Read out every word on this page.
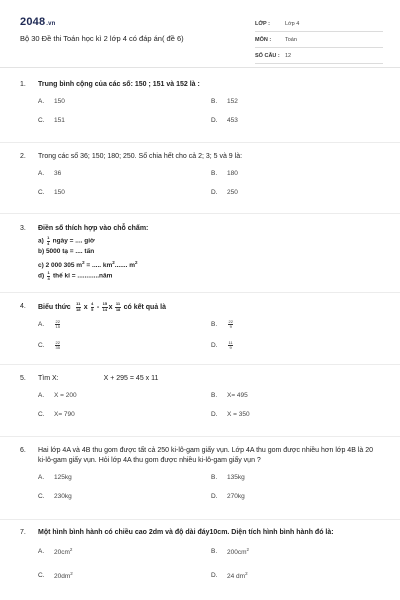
2048.vn
Bộ 30 Đề thi Toán học kì 2 lớp 4 có đáp án( đề 6)
LỚP :	Lớp 4
MÔN :	Toán
SỐ CÂU : 12
1.	Trung bình cộng của các số: 150 ; 151 và 152 là :
A.	150	B.	152
C.	151	D.	453
2.	Trong các số 36; 150; 180; 250. Số chia hết cho cả 2; 3; 5 và 9 là:
A.	36	B.	180
C.	150	D.	250
3.	Điền số thích hợp vào chỗ chấm:
$a) \frac{1}{4}$ ngày = .... giờ
b) 5000 tạ = .... tấn
c) 2 000 305 $m^2$ = ..... $km^2$....... $m^2$
$d) \frac{1}{4}$ thế kỉ = ............năm
4.	Biểu thức $\frac{11}{18}$ x $\frac{4}{5} - \frac{15}{14}$ x $\frac{11}{18}$ có kết quả là
A.	$\frac{22}{15}$	B.	$\frac{22}{9}$
C.	$\frac{22}{35}$	D.	$\frac{11}{9}$
5.	Tìm X:	X + 295 = 45 x 11
A.	X = 200	B.	X= 495
C.	X= 790	D.	X = 350
6.	Hai lớp 4A và 4B thu gom được tất cả 250 ki-lô-gam giấy vụn. Lớp 4A thu gom được nhiều hơn lớp 4B là 20 ki-lô-gam giấy vụn. Hỏi lớp 4A thu gom được nhiều ki-lô-gam giấy vụn ?
A.	125kg	B.	135kg
C.	230kg	D.	270kg
7.	Một hình bình hành có chiều cao 2dm và độ dài đáy10cm. Diện tích hình bình hành đó là:
A.	$20cm^2$	B.	$200cm^2$
C.	$20dm^2$	D.	24 $dm^2$
